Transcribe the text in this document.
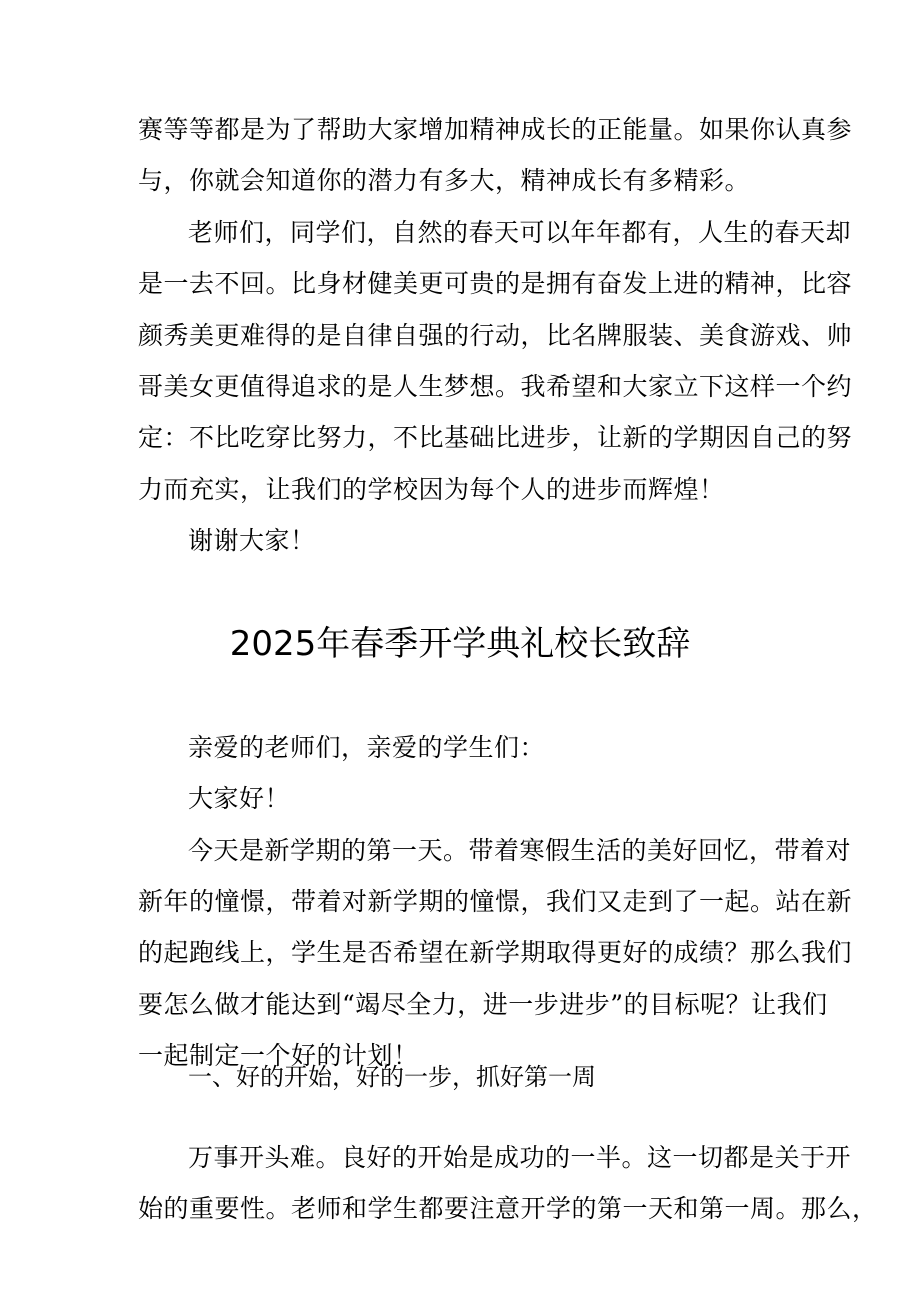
赛等等都是为了帮助大家增加精神成长的正能量。如果你认真参
与，你就会知道你的潜力有多大，精神成长有多精彩。
老师们，同学们，自然的春天可以年年都有，人生的春天却
是一去不回。比身材健美更可贵的是拥有奋发上进的精神，比容
颜秀美更难得的是自律自强的行动，比名牌服装、美食游戏、帅
哥美女更值得追求的是人生梦想。我希望和大家立下这样一个约
定：不比吃穿比努力，不比基础比进步，让新的学期因自己的努
力而充实，让我们的学校因为每个人的进步而辉煌！
谢谢大家！
2025年春季开学典礼校长致辞
亲爱的老师们，亲爱的学生们：
大家好！
今天是新学期的第一天。带着寒假生活的美好回忆，带着对
新年的憧憬，带着对新学期的憧憬，我们又走到了一起。站在新
的起跑线上，学生是否希望在新学期取得更好的成绩？那么我们
要怎么做才能达到“竭尽全力，进一步进步”的目标呢？让我们
一起制定一个好的计划！
一、好的开始，好的一步，抓好第一周
万事开头难。良好的开始是成功的一半。这一切都是关于开
始的重要性。老师和学生都要注意开学的第一天和第一周。那么，
